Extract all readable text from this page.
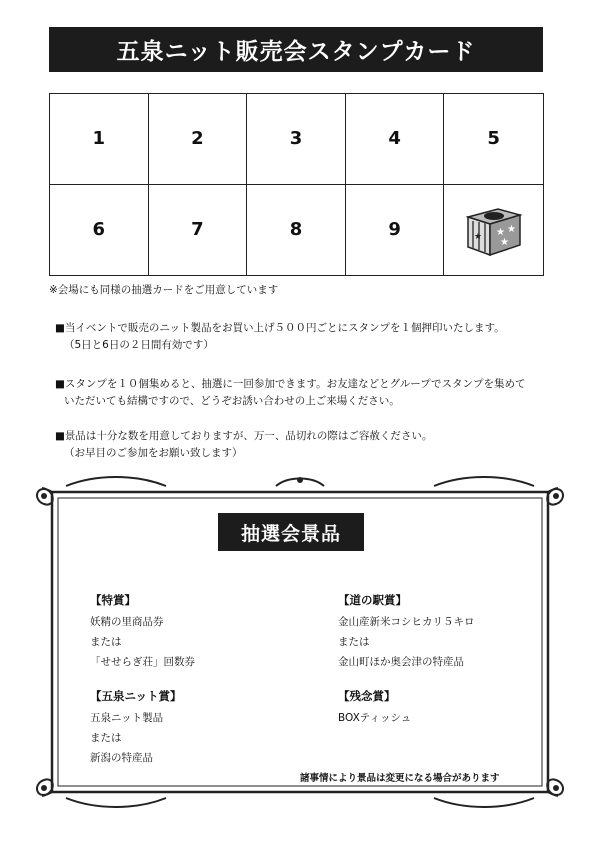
五泉ニット販売会スタンプカード
1	2	3	4	5
6	7	8	9	★ ★
★
★
※会場にも同様の抽選カードをご用意しています
■当イベントで販売のニット製品をお買い上げ５００円ごとにスタンプを１個押印いたします。
（5日と6日の２日間有効です）
■スタンプを１０個集めると、抽選に一回参加できます。お友達などとグループでスタンプを集めて
いただいても結構ですので、どうぞお誘い合わせの上ご来場ください。
■景品は十分な数を用意しておりますが、万一、品切れの際はご容赦ください。
（お早目のご参加をお願い致します）
抽選会景品
【特賞】
妖精の里商品券
または
「せせらぎ荘」回数券
【道の駅賞】
金山産新米コシヒカリ５キロ
または
金山町ほか奥会津の特産品
【五泉ニット賞】
五泉ニット製品
または
新潟の特産品
【残念賞】
BOXティッシュ
諸事情により景品は変更になる場合があります
